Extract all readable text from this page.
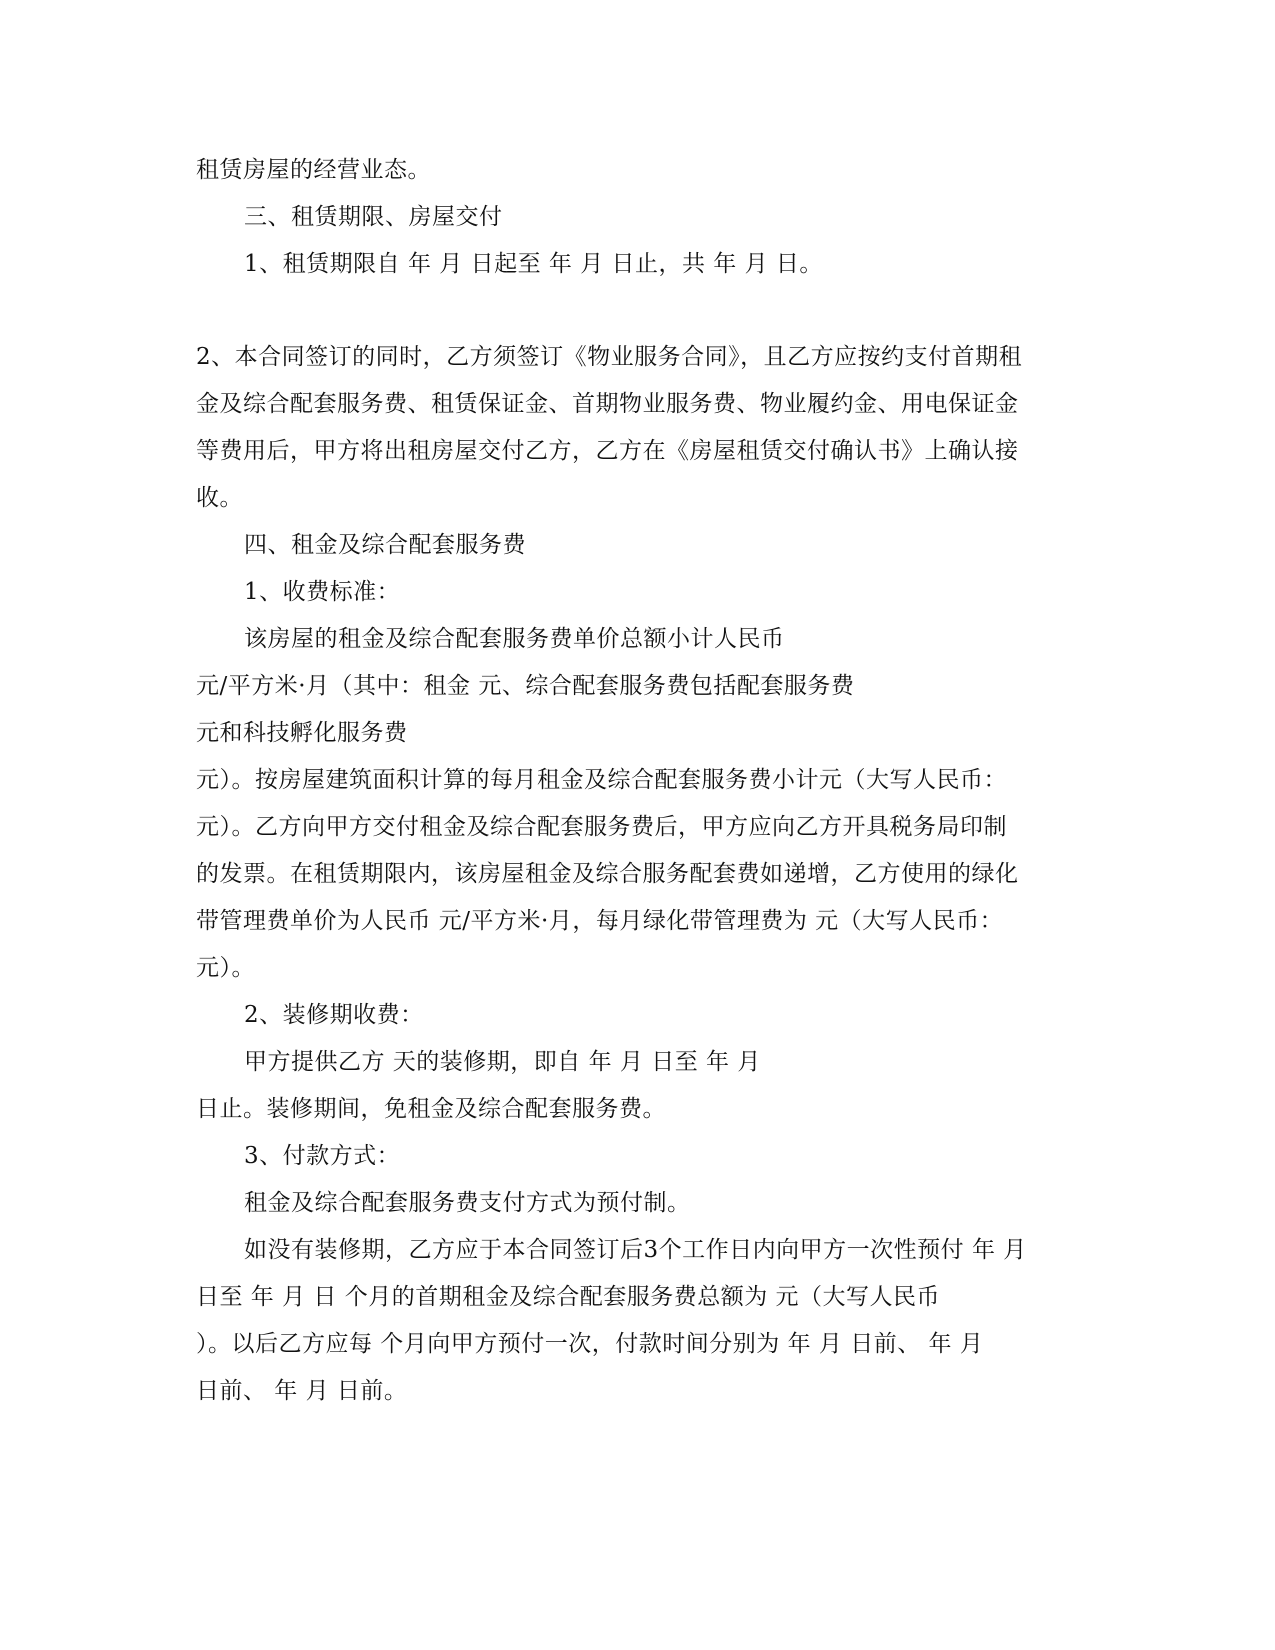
租赁房屋的经营业态。

三、租赁期限、房屋交付

1、租赁期限自 年 月 日起至 年 月 日止，共 年 月 日。

2、本合同签订的同时，乙方须签订《物业服务合同》，且乙方应按约支付首期租

金及综合配套服务费、租赁保证金、首期物业服务费、物业履约金、用电保证金

等费用后，甲方将出租房屋交付乙方，乙方在《房屋租赁交付确认书》上确认接

收。

四、租金及综合配套服务费

1、收费标准：

该房屋的租金及综合配套服务费单价总额小计人民币

元/平方米·月（其中：租金 元、综合配套服务费包括配套服务费

元和科技孵化服务费

元）。按房屋建筑面积计算的每月租金及综合配套服务费小计元（大写人民币：

元）。乙方向甲方交付租金及综合配套服务费后，甲方应向乙方开具税务局印制

的发票。在租赁期限内，该房屋租金及综合服务配套费如递增，乙方使用的绿化

带管理费单价为人民币 元/平方米·月，每月绿化带管理费为 元（大写人民币：

元）。

2、装修期收费：

甲方提供乙方 天的装修期，即自 年 月 日至 年 月

日止。装修期间，免租金及综合配套服务费。

3、付款方式：

租金及综合配套服务费支付方式为预付制。

如没有装修期，乙方应于本合同签订后3个工作日内向甲方一次性预付 年 月

日至 年 月 日 个月的首期租金及综合配套服务费总额为 元（大写人民币

）。以后乙方应每 个月向甲方预付一次，付款时间分别为 年 月 日前、 年 月

日前、 年 月 日前。
